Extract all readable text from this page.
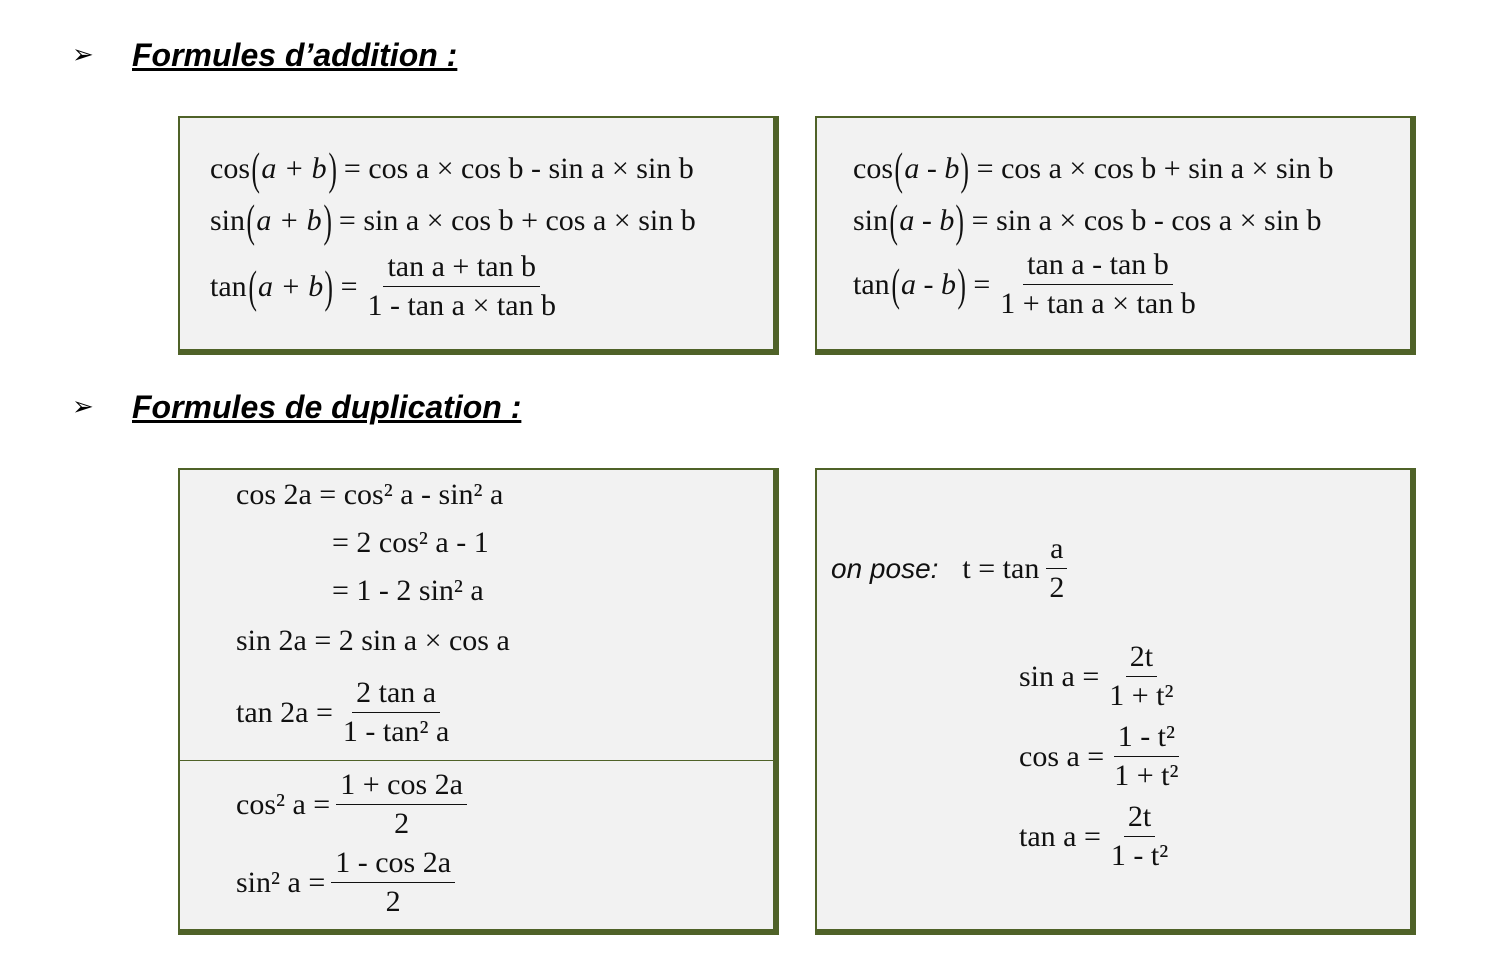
➢	Formules d’addition :
cos ( a + b ) = cos a × cos b - sin a × sin b
sin ( a + b ) = sin a × cos b + cos a × sin b
tan ( a + b ) = $\frac{\text{tan a + tan b}}{\text{1 - tan a × tan b}}$
cos ( a - b ) = cos a × cos b + sin a × sin b
sin ( a - b ) = sin a × cos b - cos a × sin b
tan ( a - b ) = $\frac{\text{tan a - tan b}}{\text{1 + tan a × tan b}}$
➢	Formules de duplication :
cos 2a = cos² a - sin² a
= 2 cos² a - 1
= 1 - 2 sin² a
sin 2a = 2 sin a × cos a
$\tan 2a = \frac{\text{2 tan a}}{\text{1 - tan² a}}$
cos² $a = \frac{1 + \cos 2a}{2}$
sin² $a = \frac{1 - \cos 2a}{2}$
on pose: $t = \tan \frac{a}{2}$
$\sin a = \frac{2t}{\text{1 + t²}}$
$\cos a = \frac{\text{1 - t²}}{\text{1 + t²}}$
$\tan a = \frac{2t}{\text{1 - t²}}$
